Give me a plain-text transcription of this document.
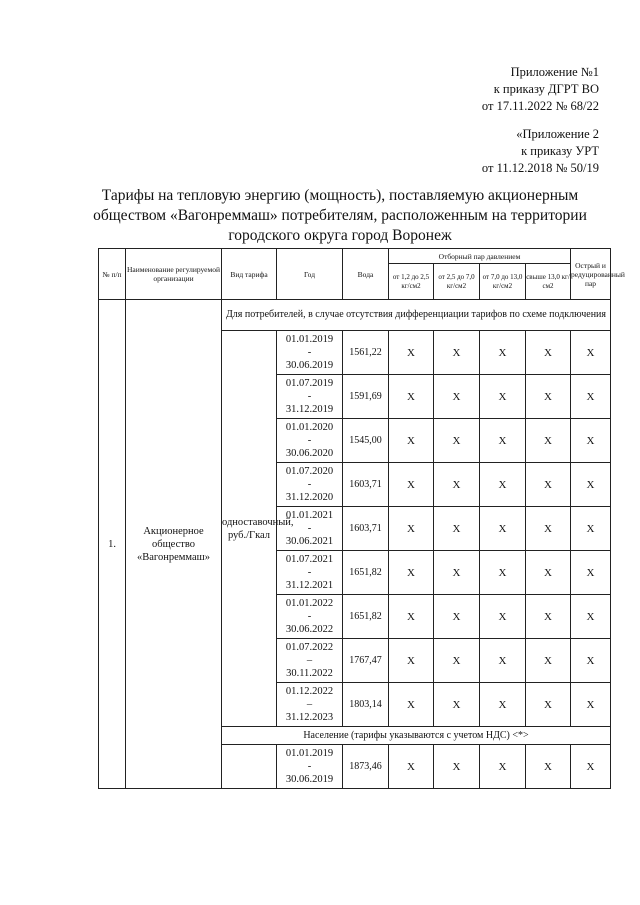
Приложение №1
к приказу ДГРТ ВО
от 17.11.2022 № 68/22
«Приложение 2
к приказу УРТ
от 11.12.2018 № 50/19
Тарифы на тепловую энергию (мощность), поставляемую акционерным обществом «Вагонреммаш» потребителям, расположенным на территории городского округа город Воронеж
№ п/п	Наименование регулируемой организации	Вид тарифа	Год	Вода	Отборный пар давлением				Острый и редуцированный пар
					от 1,2 до 2,5 кг/см2	от 2,5 до 7,0 кг/см2	от 7,0 до 13,0 кг/см2	свыше 13,0 кг/см2	
1.	Акционерное общество «Вагонреммаш»	Для потребителей, в случае отсутствия дифференциации тарифов по схеме подключения							
		одноставочный, руб./Гкал	01.01.2019
-
30.06.2019	1561,22	X	X	X	X	X

			01.07.2019
-
31.12.2019	1591,69	X	X	X	X	X

			01.01.2020
-
30.06.2020	1545,00	X	X	X	X	X

			01.07.2020
-
31.12.2020	1603,71	X	X	X	X	X

			01.01.2021
-
30.06.2021	1603,71	X	X	X	X	X

			01.07.2021
-
31.12.2021	1651,82	X	X	X	X	X

			01.01.2022
-
30.06.2022	1651,82	X	X	X	X	X

			01.07.2022
–
30.11.2022	1767,47	X	X	X	X	X

			01.12.2022
–
31.12.2023	1803,14	X	X	X	X	X
		Население (тарифы указываются с учетом НДС) <*>							

			01.01.2019
-
30.06.2019	1873,46	X	X	X	X	X
